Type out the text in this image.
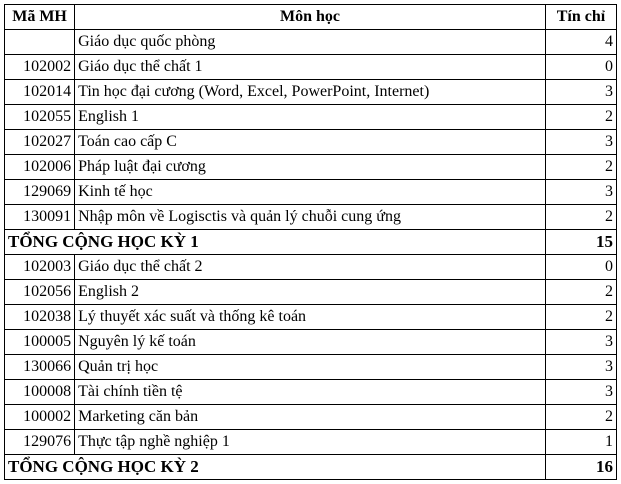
Mã MH	Môn học	Tín chỉ
	Giáo dục quốc phòng	4
102002	Giáo dục thể chất 1	0
102014	Tin học đại cương (Word, Excel, PowerPoint, Internet)	3
102055	English 1	2
102027	Toán cao cấp C	3
102006	Pháp luật đại cương	2
129069	Kinh tế học	3
130091	Nhập môn về Logisctis và quản lý chuỗi cung ứng	2
TỔNG CỘNG HỌC KỲ 1		15
102003	Giáo dục thể chất 2	0
102056	English 2	2
102038	Lý thuyết xác suất và thống kê toán	2
100005	Nguyên lý kế toán	3
130066	Quản trị học	3
100008	Tài chính tiền tệ	3
100002	Marketing căn bản	2
129076	Thực tập nghề nghiệp 1	1
TỔNG CỘNG HỌC KỲ 2		16
